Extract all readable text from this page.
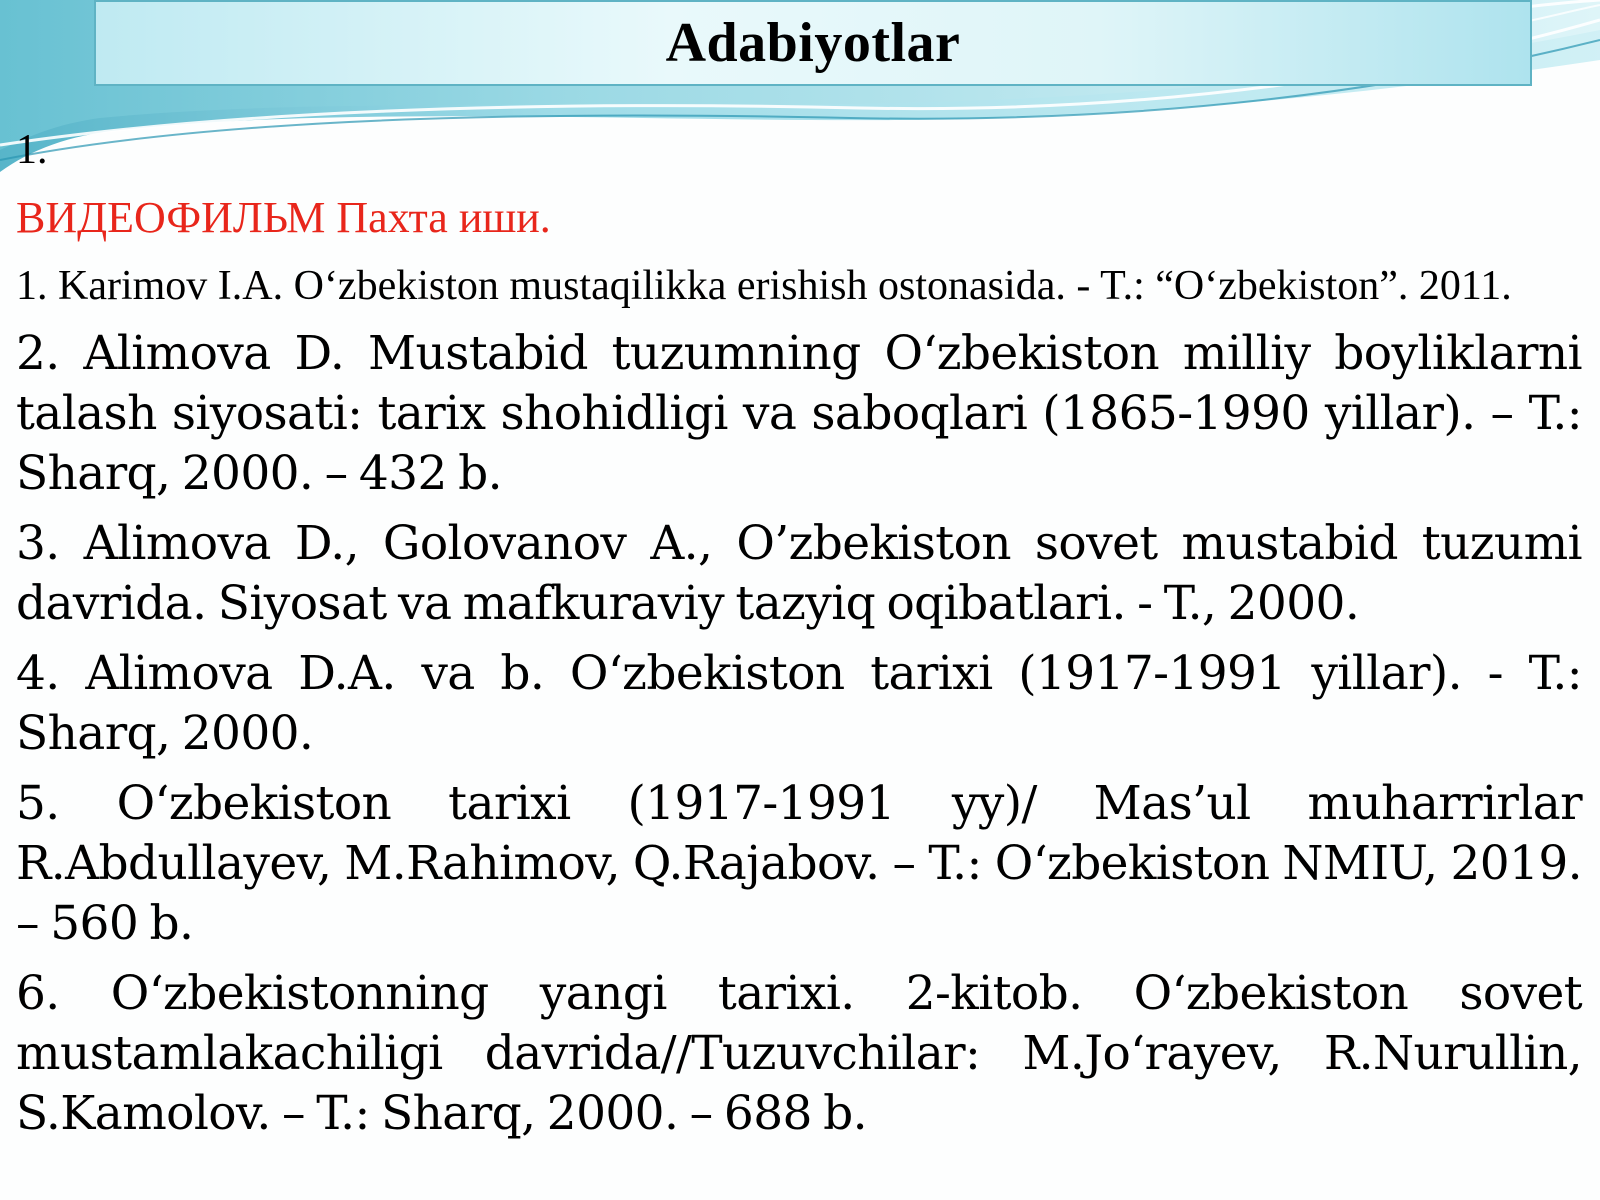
Adabiyotlar
1.
ВИДЕОФИЛЬМ Пахта иши.
1. Karimov I.A. O‘zbekiston mustaqilikka erishish ostonasida. - T.: “O‘zbekiston”. 2011.
2. Alimova D. Mustabid tuzumning O‘zbekiston milliy boyliklarni talash siyosati: tarix shohidligi va saboqlari (1865-1990 yillar). – T.: Sharq, 2000. – 432 b.
3. Alimova D., Golovanov A., O’zbekiston sovet mustabid tuzumi davrida. Siyosat va mafkuraviy tazyiq oqibatlari. - T., 2000.
4. Alimova D.A. va b. O‘zbekiston tarixi (1917-1991 yillar). - T.: Sharq, 2000.
5. O‘zbekiston tarixi (1917-1991 yy)/ Mas’ul muharrirlar R.Abdullayev, M.Rahimov, Q.Rajabov. – T.: O‘zbekiston NMIU, 2019. – 560 b.
6. O‘zbekistonning yangi tarixi. 2-kitob. O‘zbekiston sovet mustamlakachiligi davrida//Tuzuvchilar: M.Jo‘rayev, R.Nurullin, S.Kamolov. – T.: Sharq, 2000. – 688 b.
